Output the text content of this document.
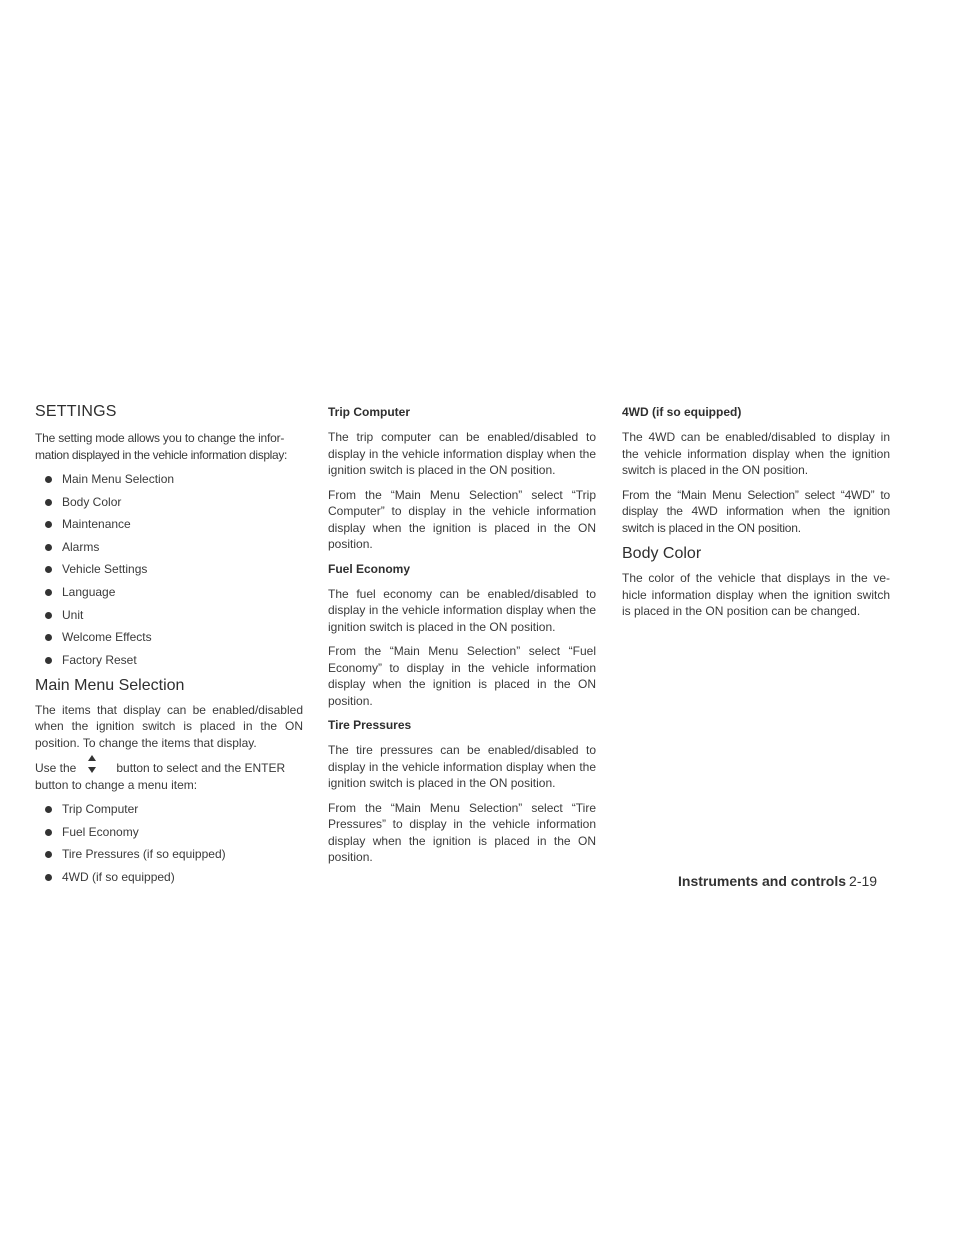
SETTINGS

The setting mode allows you to change the infor-

mation displayed in the vehicle information display:

Main Menu Selection
Body Color
Maintenance
Alarms
Vehicle Settings
Language
Unit
Welcome Effects
Factory Reset
Main Menu Selection

The items that display can be enabled/disabled when the ignition switch is placed in the ON position. To change the items that display.

Use the	button to select and the ENTER

button to change a menu item:

Trip Computer
Fuel Economy
Tire Pressures (if so equipped)
4WD (if so equipped)
Trip Computer

The trip computer can be enabled/disabled to display in the vehicle information display when the ignition switch is placed in the ON position.

From the “Main Menu Selection” select “Trip Computer” to display in the vehicle information display when the ignition is placed in the ON position.

Fuel Economy

The fuel economy can be enabled/disabled to display in the vehicle information display when the ignition switch is placed in the ON position.

From the “Main Menu Selection” select “Fuel Economy” to display in the vehicle information display when the ignition is placed in the ON position.

Tire Pressures

The tire pressures can be enabled/disabled to display in the vehicle information display when the ignition switch is placed in the ON position.

From the “Main Menu Selection” select “Tire Pressures” to display in the vehicle information display when the ignition is placed in the ON position.

4WD (if so equipped)

The 4WD can be enabled/disabled to display in the vehicle information display when the ignition switch is placed in the ON position.

From the “Main Menu Selection” select “4WD” to display the 4WD information when the ignition switch is placed in the ON position.

Body Color

The color of the vehicle that displays in the ve- hicle information display when the ignition switch is placed in the ON position can be changed.

Instruments and controls 2-19
